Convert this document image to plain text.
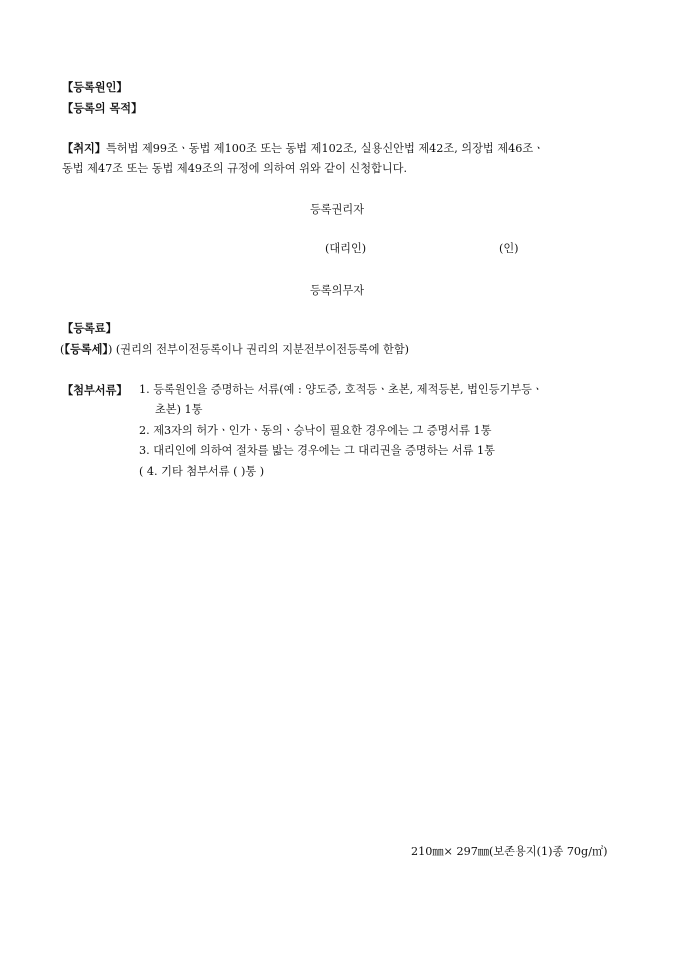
【등록원인】
【등록의 목적】
【취지】특허법 제99조ㆍ동법 제100조 또는 동법 제102조, 실용신안법 제42조, 의장법 제46조ㆍ
동법 제47조 또는 동법 제49조의 규정에 의하여 위와 같이 신청합니다.
등록권리자
(대리인)	(인)
등록의무자
【등록료】
(【등록세】) (권리의 전부이전등록이나 권리의 지분전부이전등록에 한함)
【첨부서류】 1. 등록원인을 증명하는 서류(예 : 양도증, 호적등ㆍ초본, 제적등본, 법인등기부등ㆍ
초본) 1통
2. 제3자의 허가ㆍ인가ㆍ동의ㆍ승낙이 필요한 경우에는 그 증명서류 1통
3. 대리인에 의하여 절차를 밟는 경우에는 그 대리권을 증명하는 서류 1통
( 4. 기타 첨부서류 ( )통 )
210㎜× 297㎜(보존용지(1)종 70g/㎡)
